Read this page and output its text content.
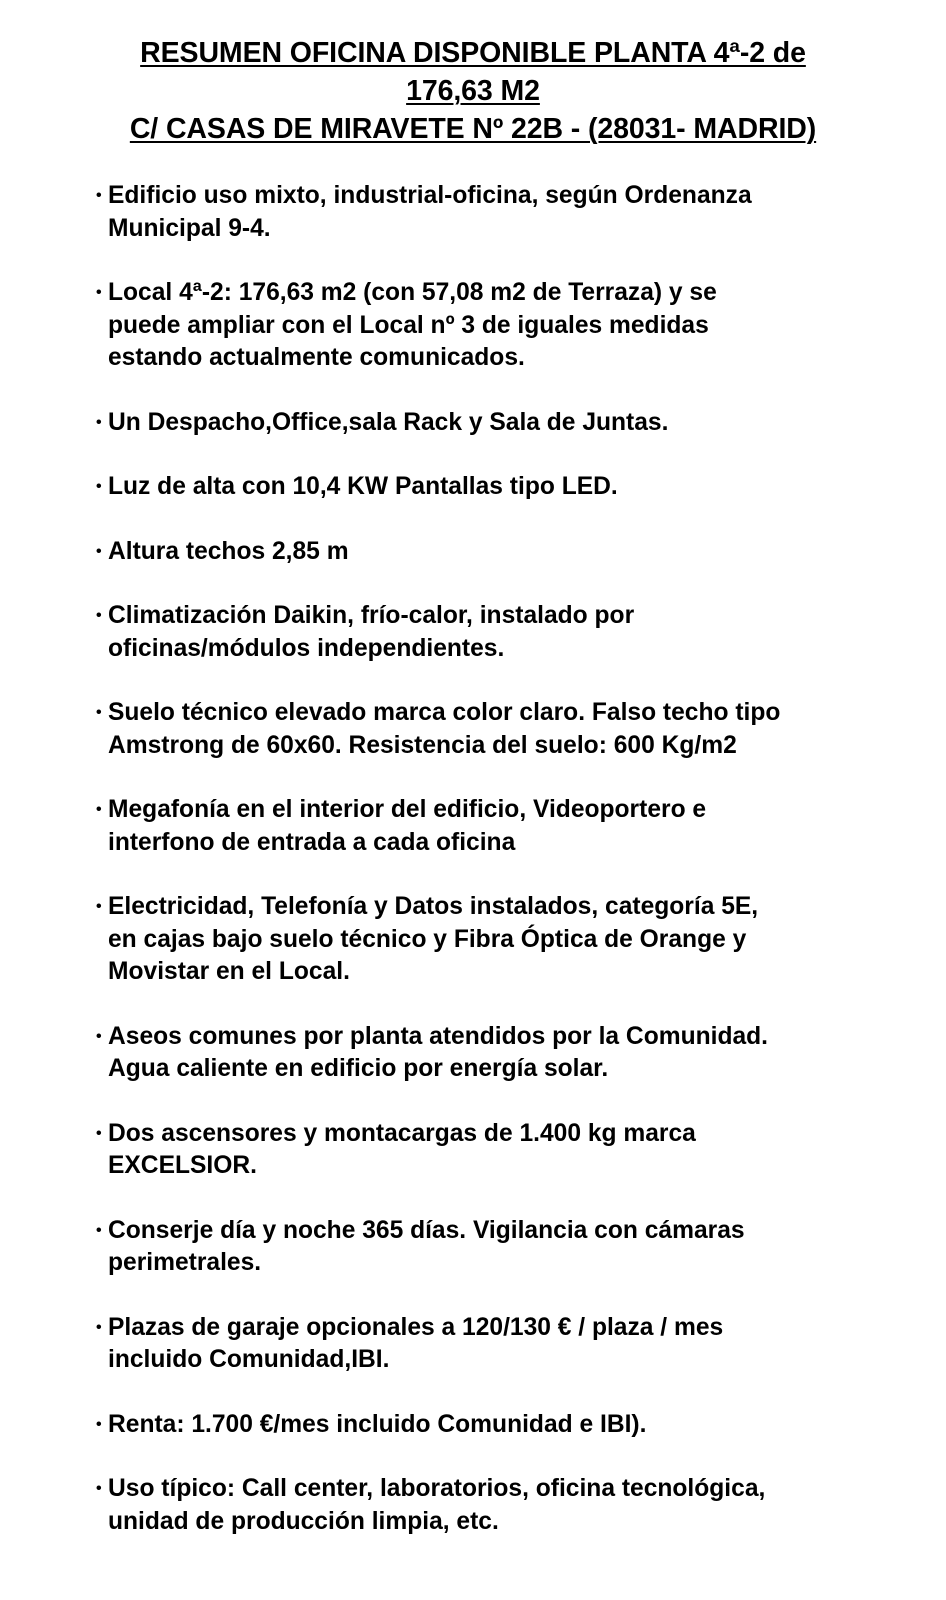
RESUMEN OFICINA DISPONIBLE PLANTA 4ª-2 de
176,63 M2
C/ CASAS DE MIRAVETE Nº 22B - (28031- MADRID)
• Edificio uso mixto, industrial-oficina, según Ordenanza
Municipal 9-4.
• Local 4ª-2: 176,63 m2 (con 57,08 m2 de Terraza) y se
puede ampliar con el Local nº 3 de iguales medidas
estando actualmente comunicados.
• Un Despacho,Office,sala Rack y Sala de Juntas.
• Luz de alta con 10,4 KW Pantallas tipo LED.
• Altura techos 2,85 m
• Climatización Daikin, frío-calor, instalado por
oficinas/módulos independientes.
• Suelo técnico elevado marca color claro. Falso techo tipo
Amstrong de 60x60. Resistencia del suelo: 600 Kg/m2
• Megafonía en el interior del edificio, Videoportero e
interfono de entrada a cada oficina
• Electricidad, Telefonía y Datos instalados, categoría 5E,
en cajas bajo suelo técnico y Fibra Óptica de Orange y
Movistar en el Local.
• Aseos comunes por planta atendidos por la Comunidad.
Agua caliente en edificio por energía solar.
• Dos ascensores y montacargas de 1.400 kg marca
EXCELSIOR.
• Conserje día y noche 365 días. Vigilancia con cámaras
perimetrales.
• Plazas de garaje opcionales a 120/130 € / plaza / mes
incluido Comunidad,IBI.
• Renta: 1.700 €/mes incluido Comunidad e IBI).
• Uso típico: Call center, laboratorios, oficina tecnológica,
unidad de producción limpia, etc.
